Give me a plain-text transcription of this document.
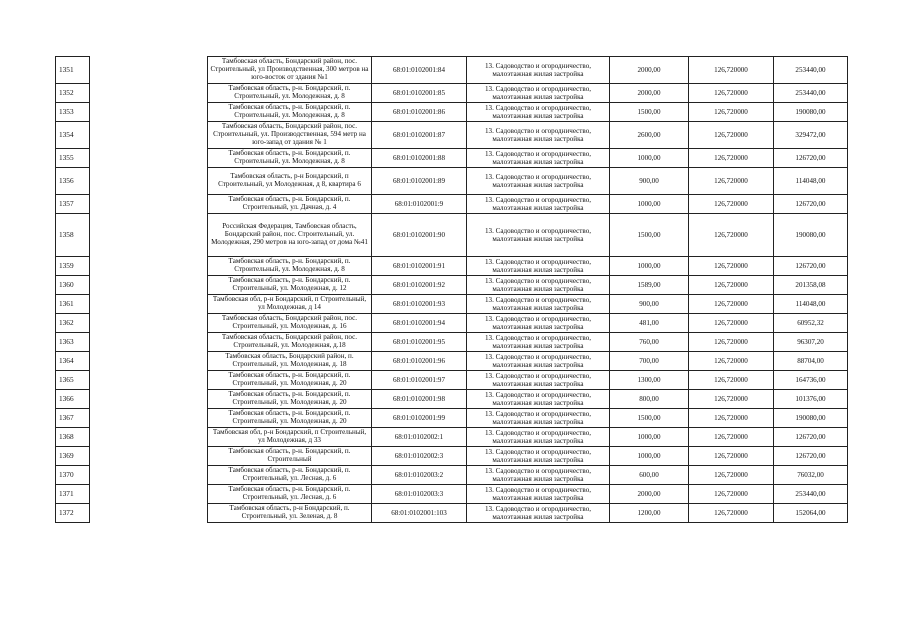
1351		Тамбовская область, Бондарский район, пос. Строительный, ул Производственная, 300 метров на юго-восток от здания №1	68:01:0102001:84	13. Садоводство и огородничество, малоэтажная жилая застройка	2000,00	126,720000	253440,00
1352		Тамбовская область, р-н. Бондарский, п. Строительный, ул. Молодежная, д. 8	68:01:0102001:85	13. Садоводство и огородничество, малоэтажная жилая застройка	2000,00	126,720000	253440,00
1353		Тамбовская область, р-н. Бондарский, п. Строительный, ул. Молодежная, д. 8	68:01:0102001:86	13. Садоводство и огородничество, малоэтажная жилая застройка	1500,00	126,720000	190080,00
1354		Тамбовская область, Бондарский район, пос. Строительный, ул. Производственная, 594 метр на юго-запад от здания № 1	68:01:0102001:87	13. Садоводство и огородничество, малоэтажная жилая застройка	2600,00	126,720000	329472,00
1355		Тамбовская область, р-н. Бондарский, п. Строительный, ул. Молодежная, д. 8	68:01:0102001:88	13. Садоводство и огородничество, малоэтажная жилая застройка	1000,00	126,720000	126720,00
1356		Тамбовская область, р-н Бондарский, п Строительный, ул Молодежная, д 8, квартира 6	68:01:0102001:89	13. Садоводство и огородничество, малоэтажная жилая застройка	900,00	126,720000	114048,00
1357		Тамбовская область, р-н. Бондарский, п. Строительный, ул. Дачная, д. 4	68:01:0102001:9	13. Садоводство и огородничество, малоэтажная жилая застройка	1000,00	126,720000	126720,00
1358		Российская Федерация, Тамбовская область, Бондарский район, пос. Строительный, ул. Молодежная, 290 метров на юго-запад от дома №41	68:01:0102001:90	13. Садоводство и огородничество, малоэтажная жилая застройка	1500,00	126,720000	190080,00
1359		Тамбовская область, р-н. Бондарский, п. Строительный, ул. Молодежная, д. 8	68:01:0102001:91	13. Садоводство и огородничество, малоэтажная жилая застройка	1000,00	126,720000	126720,00
1360		Тамбовская область, р-н. Бондарский, п. Строительный, ул. Молодежная, д. 12	68:01:0102001:92	13. Садоводство и огородничество, малоэтажная жилая застройка	1589,00	126,720000	201358,08
1361		Тамбовская обл, р-н Бондарский, п Строительный, ул Молодежная, д 14	68:01:0102001:93	13. Садоводство и огородничество, малоэтажная жилая застройка	900,00	126,720000	114048,00
1362		Тамбовская область, Бондарский район, пос. Строительный, ул. Молодежная, д. 16	68:01:0102001:94	13. Садоводство и огородничество, малоэтажная жилая застройка	481,00	126,720000	60952,32
1363		Тамбовская область, Бондарский район, пос. Строительный, ул. Молодежная, д.18	68:01:0102001:95	13. Садоводство и огородничество, малоэтажная жилая застройка	760,00	126,720000	96307,20
1364		Тамбовская область, Бондарский район, п. Строительный, ул. Молодежная, д. 18	68:01:0102001:96	13. Садоводство и огородничество, малоэтажная жилая застройка	700,00	126,720000	88704,00
1365		Тамбовская область, р-н. Бондарский, п. Строительный, ул. Молодежная, д. 20	68:01:0102001:97	13. Садоводство и огородничество, малоэтажная жилая застройка	1300,00	126,720000	164736,00
1366		Тамбовская область, р-н. Бондарский, п. Строительный, ул. Молодежная, д. 20	68:01:0102001:98	13. Садоводство и огородничество, малоэтажная жилая застройка	800,00	126,720000	101376,00
1367		Тамбовская область, р-н. Бондарский, п. Строительный, ул. Молодежная, д. 20	68:01:0102001:99	13. Садоводство и огородничество, малоэтажная жилая застройка	1500,00	126,720000	190080,00
1368		Тамбовская обл, р-н Бондарский, п Строительный, ул Молодежная, д 33	68:01:0102002:1	13. Садоводство и огородничество, малоэтажная жилая застройка	1000,00	126,720000	126720,00
1369		Тамбовская область, р-н. Бондарский, п. Строительный	68:01:0102002:3	13. Садоводство и огородничество, малоэтажная жилая застройка	1000,00	126,720000	126720,00
1370		Тамбовская область, р-н. Бондарский, п. Строительный, ул. Лесная, д. 6	68:01:0102003:2	13. Садоводство и огородничество, малоэтажная жилая застройка	600,00	126,720000	76032,00
1371		Тамбовская область, р-н. Бондарский, п. Строительный, ул. Лесная, д. 6	68:01:0102003:3	13. Садоводство и огородничество, малоэтажная жилая застройка	2000,00	126,720000	253440,00
1372		Тамбовская область, р-н Бондарский, п. Строительный, ул. Зеленая, д. 8	68:01:0102001:103	13. Садоводство и огородничество, малоэтажная жилая застройка	1200,00	126,720000	152064,00
